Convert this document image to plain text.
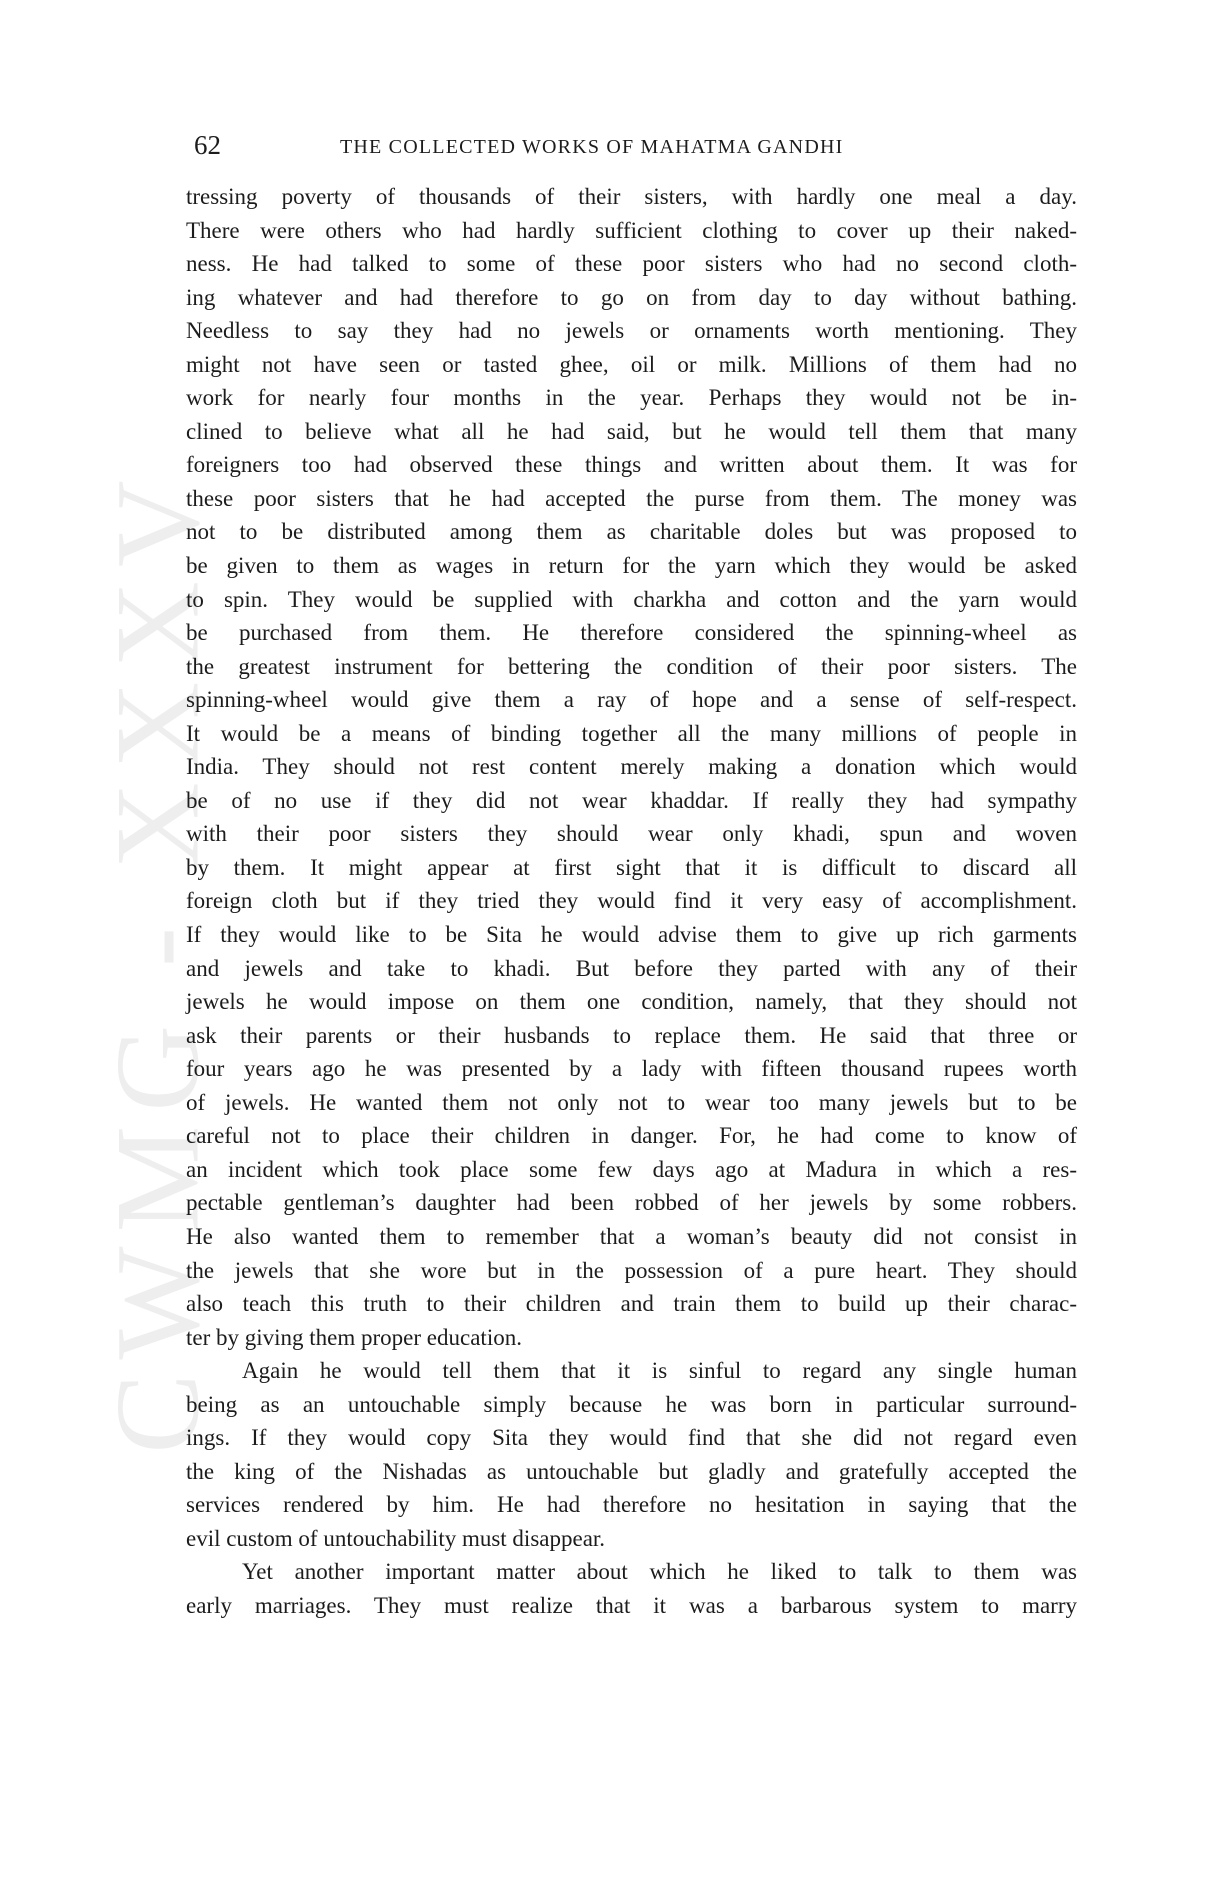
CWMG - XXXV
62	THE COLLECTED WORKS OF MAHATMA GANDHI

tressing poverty of thousands of their sisters, with hardly one meal a day.
There were others who had hardly sufficient clothing to cover up their naked-
ness. He had talked to some of these poor sisters who had no second cloth-
ing whatever and had therefore to go on from day to day without bathing.
Needless to say they had no jewels or ornaments worth mentioning. They
might not have seen or tasted ghee, oil or milk. Millions of them had no
work for nearly four months in the year. Perhaps they would not be in-
clined to believe what all he had said, but he would tell them that many
foreigners too had observed these things and written about them. It was for
these poor sisters that he had accepted the purse from them. The money was
not to be distributed among them as charitable doles but was proposed to
be given to them as wages in return for the yarn which they would be asked
to spin. They would be supplied with charkha and cotton and the yarn would
be purchased from them. He therefore considered the spinning-wheel as
the greatest instrument for bettering the condition of their poor sisters. The
spinning-wheel would give them a ray of hope and a sense of self-respect.
It would be a means of binding together all the many millions of people in
India. They should not rest content merely making a donation which would
be of no use if they did not wear khaddar. If really they had sympathy
with their poor sisters they should wear only khadi, spun and woven
by them. It might appear at first sight that it is difficult to discard all
foreign cloth but if they tried they would find it very easy of accomplishment.
If they would like to be Sita he would advise them to give up rich garments
and jewels and take to khadi. But before they parted with any of their
jewels he would impose on them one condition, namely, that they should not
ask their parents or their husbands to replace them. He said that three or
four years ago he was presented by a lady with fifteen thousand rupees worth
of jewels. He wanted them not only not to wear too many jewels but to be
careful not to place their children in danger. For, he had come to know of
an incident which took place some few days ago at Madura in which a res-
pectable gentleman’s daughter had been robbed of her jewels by some robbers.
He also wanted them to remember that a woman’s beauty did not consist in
the jewels that she wore but in the possession of a pure heart. They should
also teach this truth to their children and train them to build up their charac-
ter by giving them proper education.

Again he would tell them that it is sinful to regard any single human
being as an untouchable simply because he was born in particular surround-
ings. If they would copy Sita they would find that she did not regard even
the king of the Nishadas as untouchable but gladly and gratefully accepted the
services rendered by him. He had therefore no hesitation in saying that the
evil custom of untouchability must disappear.

Yet another important matter about which he liked to talk to them was
early marriages. They must realize that it was a barbarous system to marry
